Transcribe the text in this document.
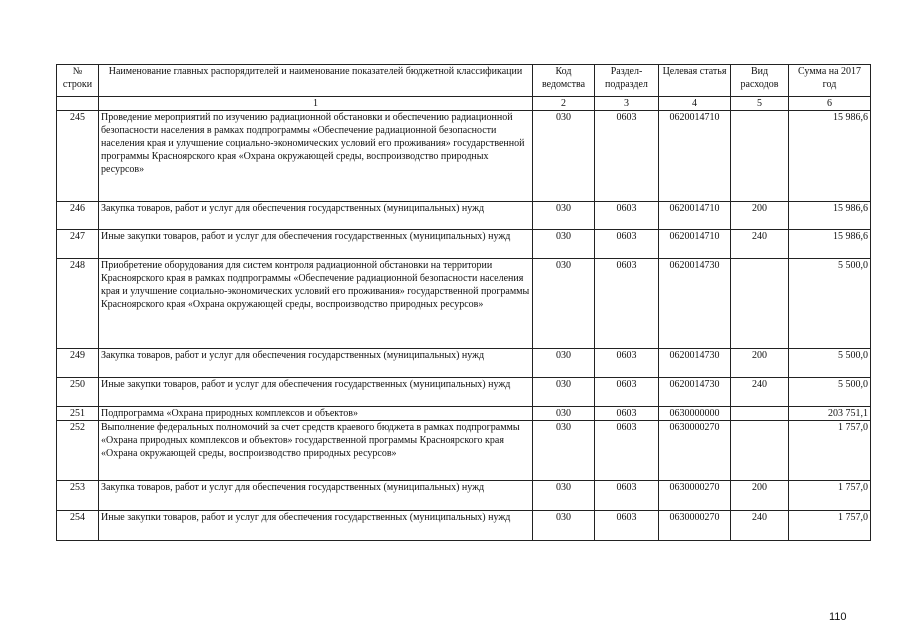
№ строки	Наименование главных распорядителей и наименование показателей бюджетной классификации	Код ведомства	Раздел-подраздел	Целевая статья	Вид расходов	Сумма на 2017 год
	1	2	3	4	5	6
245	Проведение мероприятий по изучению радиационной обстановки и обеспечению радиационной безопасности населения в рамках подпрограммы «Обеспечение радиационной безопасности населения края и улучшение социально-экономических условий его проживания» государственной программы Красноярского края «Охрана окружающей среды, воспроизводство природных ресурсов»	030	0603	0620014710		15 986,6
246	Закупка товаров, работ и услуг для обеспечения государственных (муниципальных) нужд	030	0603	0620014710	200	15 986,6
247	Иные закупки товаров, работ и услуг для обеспечения государственных (муниципальных) нужд	030	0603	0620014710	240	15 986,6
248	Приобретение оборудования для систем контроля радиационной обстановки на территории Красноярского края в рамках подпрограммы «Обеспечение радиационной безопасности населения края и улучшение социально-экономических условий его проживания» государственной программы Красноярского края «Охрана окружающей среды, воспроизводство природных ресурсов»	030	0603	0620014730		5 500,0
249	Закупка товаров, работ и услуг для обеспечения государственных (муниципальных) нужд	030	0603	0620014730	200	5 500,0
250	Иные закупки товаров, работ и услуг для обеспечения государственных (муниципальных) нужд	030	0603	0620014730	240	5 500,0
251	Подпрограмма «Охрана природных комплексов и объектов»	030	0603	0630000000		203 751,1
252	Выполнение федеральных полномочий за счет средств краевого бюджета в рамках подпрограммы «Охрана природных комплексов и объектов» государственной программы Красноярского края «Охрана окружающей среды, воспроизводство природных ресурсов»	030	0603	0630000270		1 757,0
253	Закупка товаров, работ и услуг для обеспечения государственных (муниципальных) нужд	030	0603	0630000270	200	1 757,0
254	Иные закупки товаров, работ и услуг для обеспечения государственных (муниципальных) нужд	030	0603	0630000270	240	1 757,0
110
